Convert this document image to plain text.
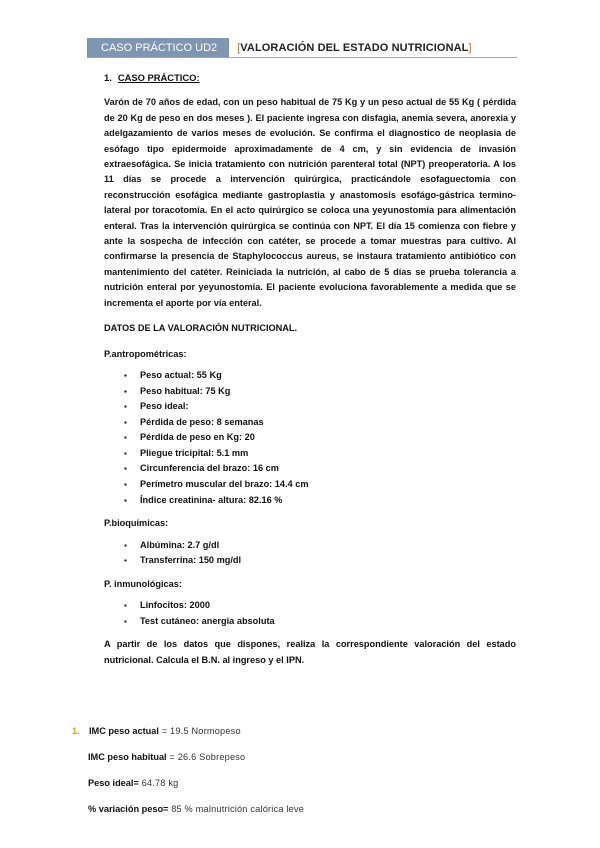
CASO PRÁCTICO UD2	[VALORACIÓN DEL ESTADO NUTRICIONAL]
1. CASO PRÁCTICO:

Varón de 70 años de edad, con un peso habitual de 75 Kg y un peso actual de 55 Kg ( pérdida de 20 Kg de peso en dos meses ). El paciente ingresa con disfagia, anemia severa, anorexia y adelgazamiento de varios meses de evolución. Se confirma el diagnostico de neoplasia de esófago tipo epidermoide aproximadamente de 4 cm, y sin evidencia de invasión extraesofágica. Se inicia tratamiento con nutrición parenteral total (NPT) preoperatoria. A los 11 días se procede a intervención quirúrgica, practicándole esofaguectomia con reconstrucción esofágica mediante gastroplastia y anastomosis esofágo-gástrica termino-lateral por toracotomía. En el acto quirúrgico se coloca una yeyunostomía para alimentación enteral. Tras la intervención quirúrgica se continúa con NPT. El día 15 comienza con fiebre y ante la sospecha de infección con catéter, se procede a tomar muestras para cultivo. Al confirmarse la presencia de Staphylococcus aureus, se instaura tratamiento antibiótico con mantenimiento del catéter. Reiniciada la nutrición, al cabo de 5 días se prueba tolerancia a nutrición enteral por yeyunostomía. El paciente evoluciona favorablemente a medida que se incrementa el aporte por vía enteral.

DATOS DE LA VALORACIÓN NUTRICIONAL.
P.antropométricas:
▪ Peso actual: 55 Kg
▪ Peso habitual: 75 Kg
▪ Peso ideal:
▪ Pérdida de peso: 8 semanas
▪ Pérdida de peso en Kg: 20
▪ Pliegue tricipital: 5.1 mm
▪ Circunferencia del brazo: 16 cm
▪ Perímetro muscular del brazo: 14.4 cm
▪ Índice creatinina- altura: 82.16 %
P.bioquímicas:
▪ Albúmina: 2.7 g/dl
▪ Transferrina: 150 mg/dl
P. inmunológicas:
▪ Linfocitos: 2000
▪ Test cutáneo: anergia absoluta

A partir de los datos que dispones, realiza la correspondiente valoración del estado nutricional. Calcula el B.N. al ingreso y el IPN.

1. IMC peso actual = 19.5 Normopeso
IMC peso habitual = 26.6 Sobrepeso
Peso ideal= 64.78 kg
% variación peso= 85 % malnutrición calórica leve
